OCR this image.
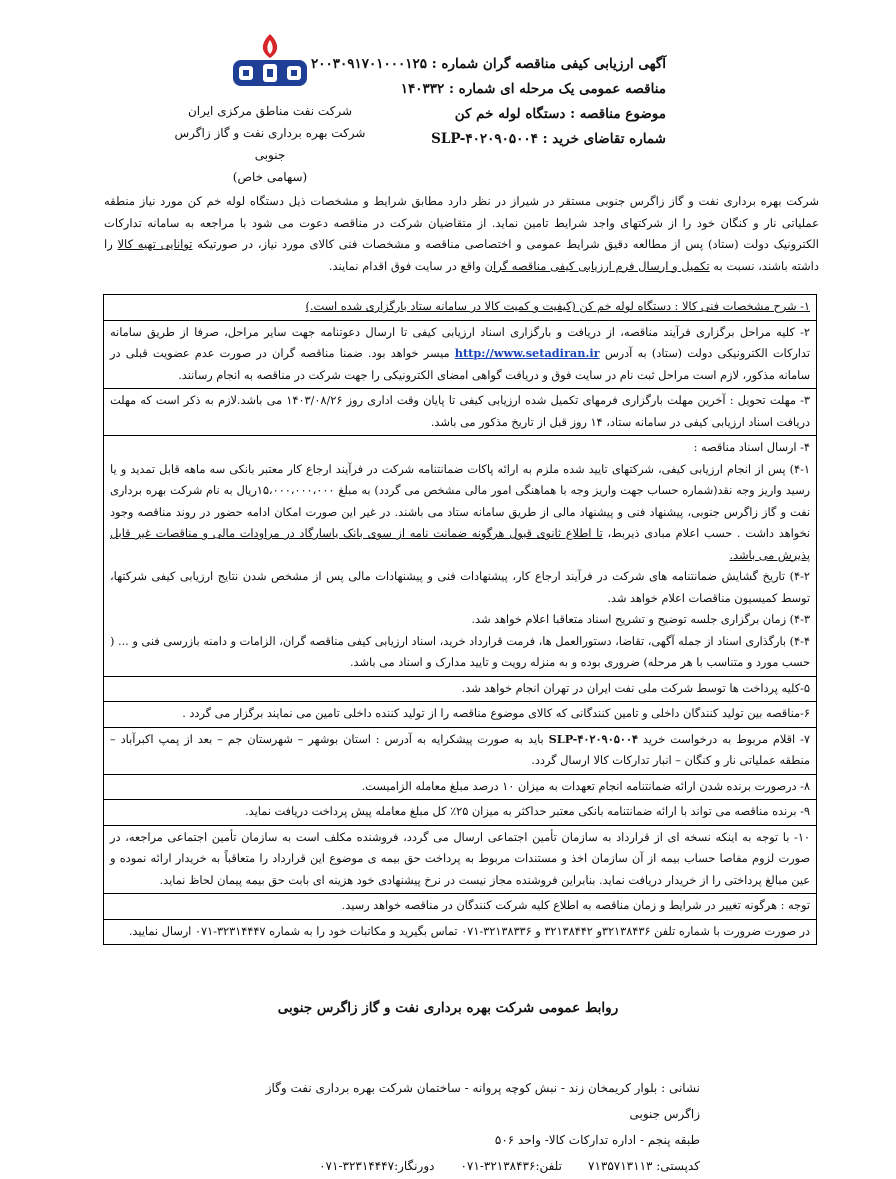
شرکت نفت مناطق مرکزی ایران
شرکت بهره برداری نفت و گاز زاگرس جنوبی
(سهامی خاص)
آگهی ارزیابی کیفی مناقصه گران شماره : ۲۰۰۳۰۹۱۷۰۱۰۰۰۱۲۵
مناقصه عمومی یک مرحله ای شماره : ۱۴۰۳۳۲
موضوع مناقصه : دستگاه لوله خم کن
شماره تقاضای خرید : SLP-۴۰۲۰۹۰۵۰۰۴
شرکت بهره برداری نفت و گاز زاگرس جنوبی مستقر در شیراز در نظر دارد مطابق شرایط و مشخصات ذیل دستگاه لوله خم کن مورد نیاز منطقه عملیاتی نار و کنگان خود را از شرکتهای واجد شرایط تامین نماید. از متقاضیان شرکت در مناقصه دعوت می شود با مراجعه به سامانه تدارکات الکترونیک دولت (ستاد) پس از مطالعه دقیق شرایط عمومی و اختصاصی مناقصه و مشخصات فنی کالای مورد نیاز، در صورتیکه توانایی تهیه کالا را داشته باشند، نسبت به تکمیل و ارسال فرم ارزیابی کیفی مناقصه گران واقع در سایت فوق اقدام نمایند.

۱- شرح مشخصات فنی کالا : دستگاه لوله خم کن (کیفیت و کمیت کالا در سامانه ستاد بارگزاری شده است.)

۲- کلیه مراحل برگزاری فرآیند مناقصه، از دریافت و بارگزاری اسناد ارزیابی کیفی تا ارسال دعوتنامه جهت سایر مراحل، صرفا از طریق سامانه تدارکات الکترونیکی دولت (ستاد) به آدرس http://www.setadiran.ir میسر خواهد بود. ضمنا مناقصه گران در صورت عدم عضویت قبلی در سامانه مذکور، لازم است مراحل ثبت نام در سایت فوق و دریافت گواهی امضای الکترونیکی را جهت شرکت در مناقصه به انجام رسانند.

۳- مهلت تحویل : آخرین مهلت بارگزاری فرمهای تکمیل شده ارزیابی کیفی تا پایان وقت اداری روز ۱۴۰۳/۰۸/۲۶ می باشد.لازم به ذکر است که مهلت دریافت اسناد ارزیابی کیفی در سامانه ستاد، ۱۴ روز قبل از تاریخ مذکور می باشد.

۴- ارسال اسناد مناقصه :

۴-۱) پس از انجام ارزیابی کیفی، شرکتهای تایید شده ملزم به ارائه پاکات ضمانتنامه شرکت در فرآیند ارجاع کار معتبر بانکی سه ماهه قابل تمدید و یا رسید واریز وجه نقد(شماره حساب جهت واریز وجه با هماهنگی امور مالی مشخص می گردد) به مبلغ ۱۵،۰۰۰،۰۰۰،۰۰۰ریال به نام شرکت بهره برداری نفت و گاز زاگرس جنوبی، پیشنهاد فنی و پیشنهاد مالی از طریق سامانه ستاد می باشند. در غیر این صورت امکان ادامه حضور در روند مناقصه وجود نخواهد داشت . حسب اعلام مبادی ذیربط، تا اطلاع ثانوی قبول هرگونه ضمانت نامه از سوی بانک یاسارگاد در مراودات مالی و مناقصات غیر قابل پذیرش می باشد.

۴-۲) تاریخ گشایش ضمانتنامه های شرکت در فرآیند ارجاع کار، پیشنهادات فنی و پیشنهادات مالی پس از مشخص شدن نتایج ارزیابی کیفی شرکتها، توسط کمیسیون مناقصات اعلام خواهد شد.

۴-۳) زمان برگزاری جلسه توضیح و تشریح اسناد متعاقبا اعلام خواهد شد.

۴-۴) بارگذاری اسناد از جمله آگهی، تقاضا، دستورالعمل ها، فرمت قرارداد خرید، اسناد ارزیابی کیفی مناقصه گران، الزامات و دامنه بازرسی فنی و ... ( حسب مورد و متناسب با هر مرحله) ضروری بوده و به منزله رویت و تایید مدارک و اسناد می باشد.

۵-کلیه پرداخت ها توسط شرکت ملی نفت ایران در تهران انجام خواهد شد.

۶-مناقصه بین تولید کنندگان داخلی و تامین کنندگانی که کالای موضوع مناقصه را از تولید کننده داخلی تامین می نمایند برگزار می گردد .

۷- اقلام مربوط به درخواست خرید SLP-۴۰۲۰۹۰۵۰۰۴ باید به صورت پیشکرایه به آدرس : استان بوشهر – شهرستان جم – بعد از پمپ اکبرآباد – منطقه عملیاتی نار و کنگان – انبار تدارکات کالا ارسال گردد.

۸- درصورت برنده شدن ارائه ضمانتنامه انجام تعهدات به میزان ۱۰ درصد مبلغ معامله الزامیست.

۹- برنده مناقصه می تواند با ارائه ضمانتنامه بانکی معتبر حداکثر به میزان ۲۵٪ کل مبلغ معامله پیش پرداخت دریافت نماید.

۱۰- با توجه به اینکه نسخه ای از قرارداد به سازمان تأمین اجتماعی ارسال می گردد، فروشنده مکلف است به سازمان تأمین اجتماعی مراجعه، در صورت لزوم مفاصا حساب بیمه از آن سازمان اخذ و مستندات مربوط به پرداخت حق بیمه ی موضوع این قرارداد را متعاقباً به خریدار ارائه نموده و عین مبالغ پرداختی را از خریدار دریافت نماید. بنابراین فروشنده مجاز نیست در نرخ پیشنهادی خود هزینه ای بابت حق بیمه پیمان لحاظ نماید.

توجه : هرگونه تغییر در شرایط و زمان مناقصه به اطلاع کلیه شرکت کنندگان در مناقصه خواهد رسید.

در صورت ضرورت با شماره تلفن ۳۲۱۳۸۴۳۶و ۳۲۱۳۸۴۴۲ و ۳۲۱۳۸۳۳۶-۰۷۱ تماس بگیرید و مکاتبات خود را به شماره ۳۲۳۱۴۴۴۷-۰۷۱ ارسال نمایید.

روابط عمومی شرکت بهره برداری نفت و گاز زاگرس جنوبی
نشانی : بلوار کریمخان زند - نبش کوچه پروانه - ساختمان شرکت بهره برداری نفت وگاز زاگرس جنوبی
طبقه پنجم - اداره تدارکات کالا- واحد ۵۰۶
کدپستی: ۷۱۳۵۷۱۳۱۱۳
تلفن:۳۲۱۳۸۴۳۶-۰۷۱
دورنگار:۳۲۳۱۴۴۴۷-۰۷۱
